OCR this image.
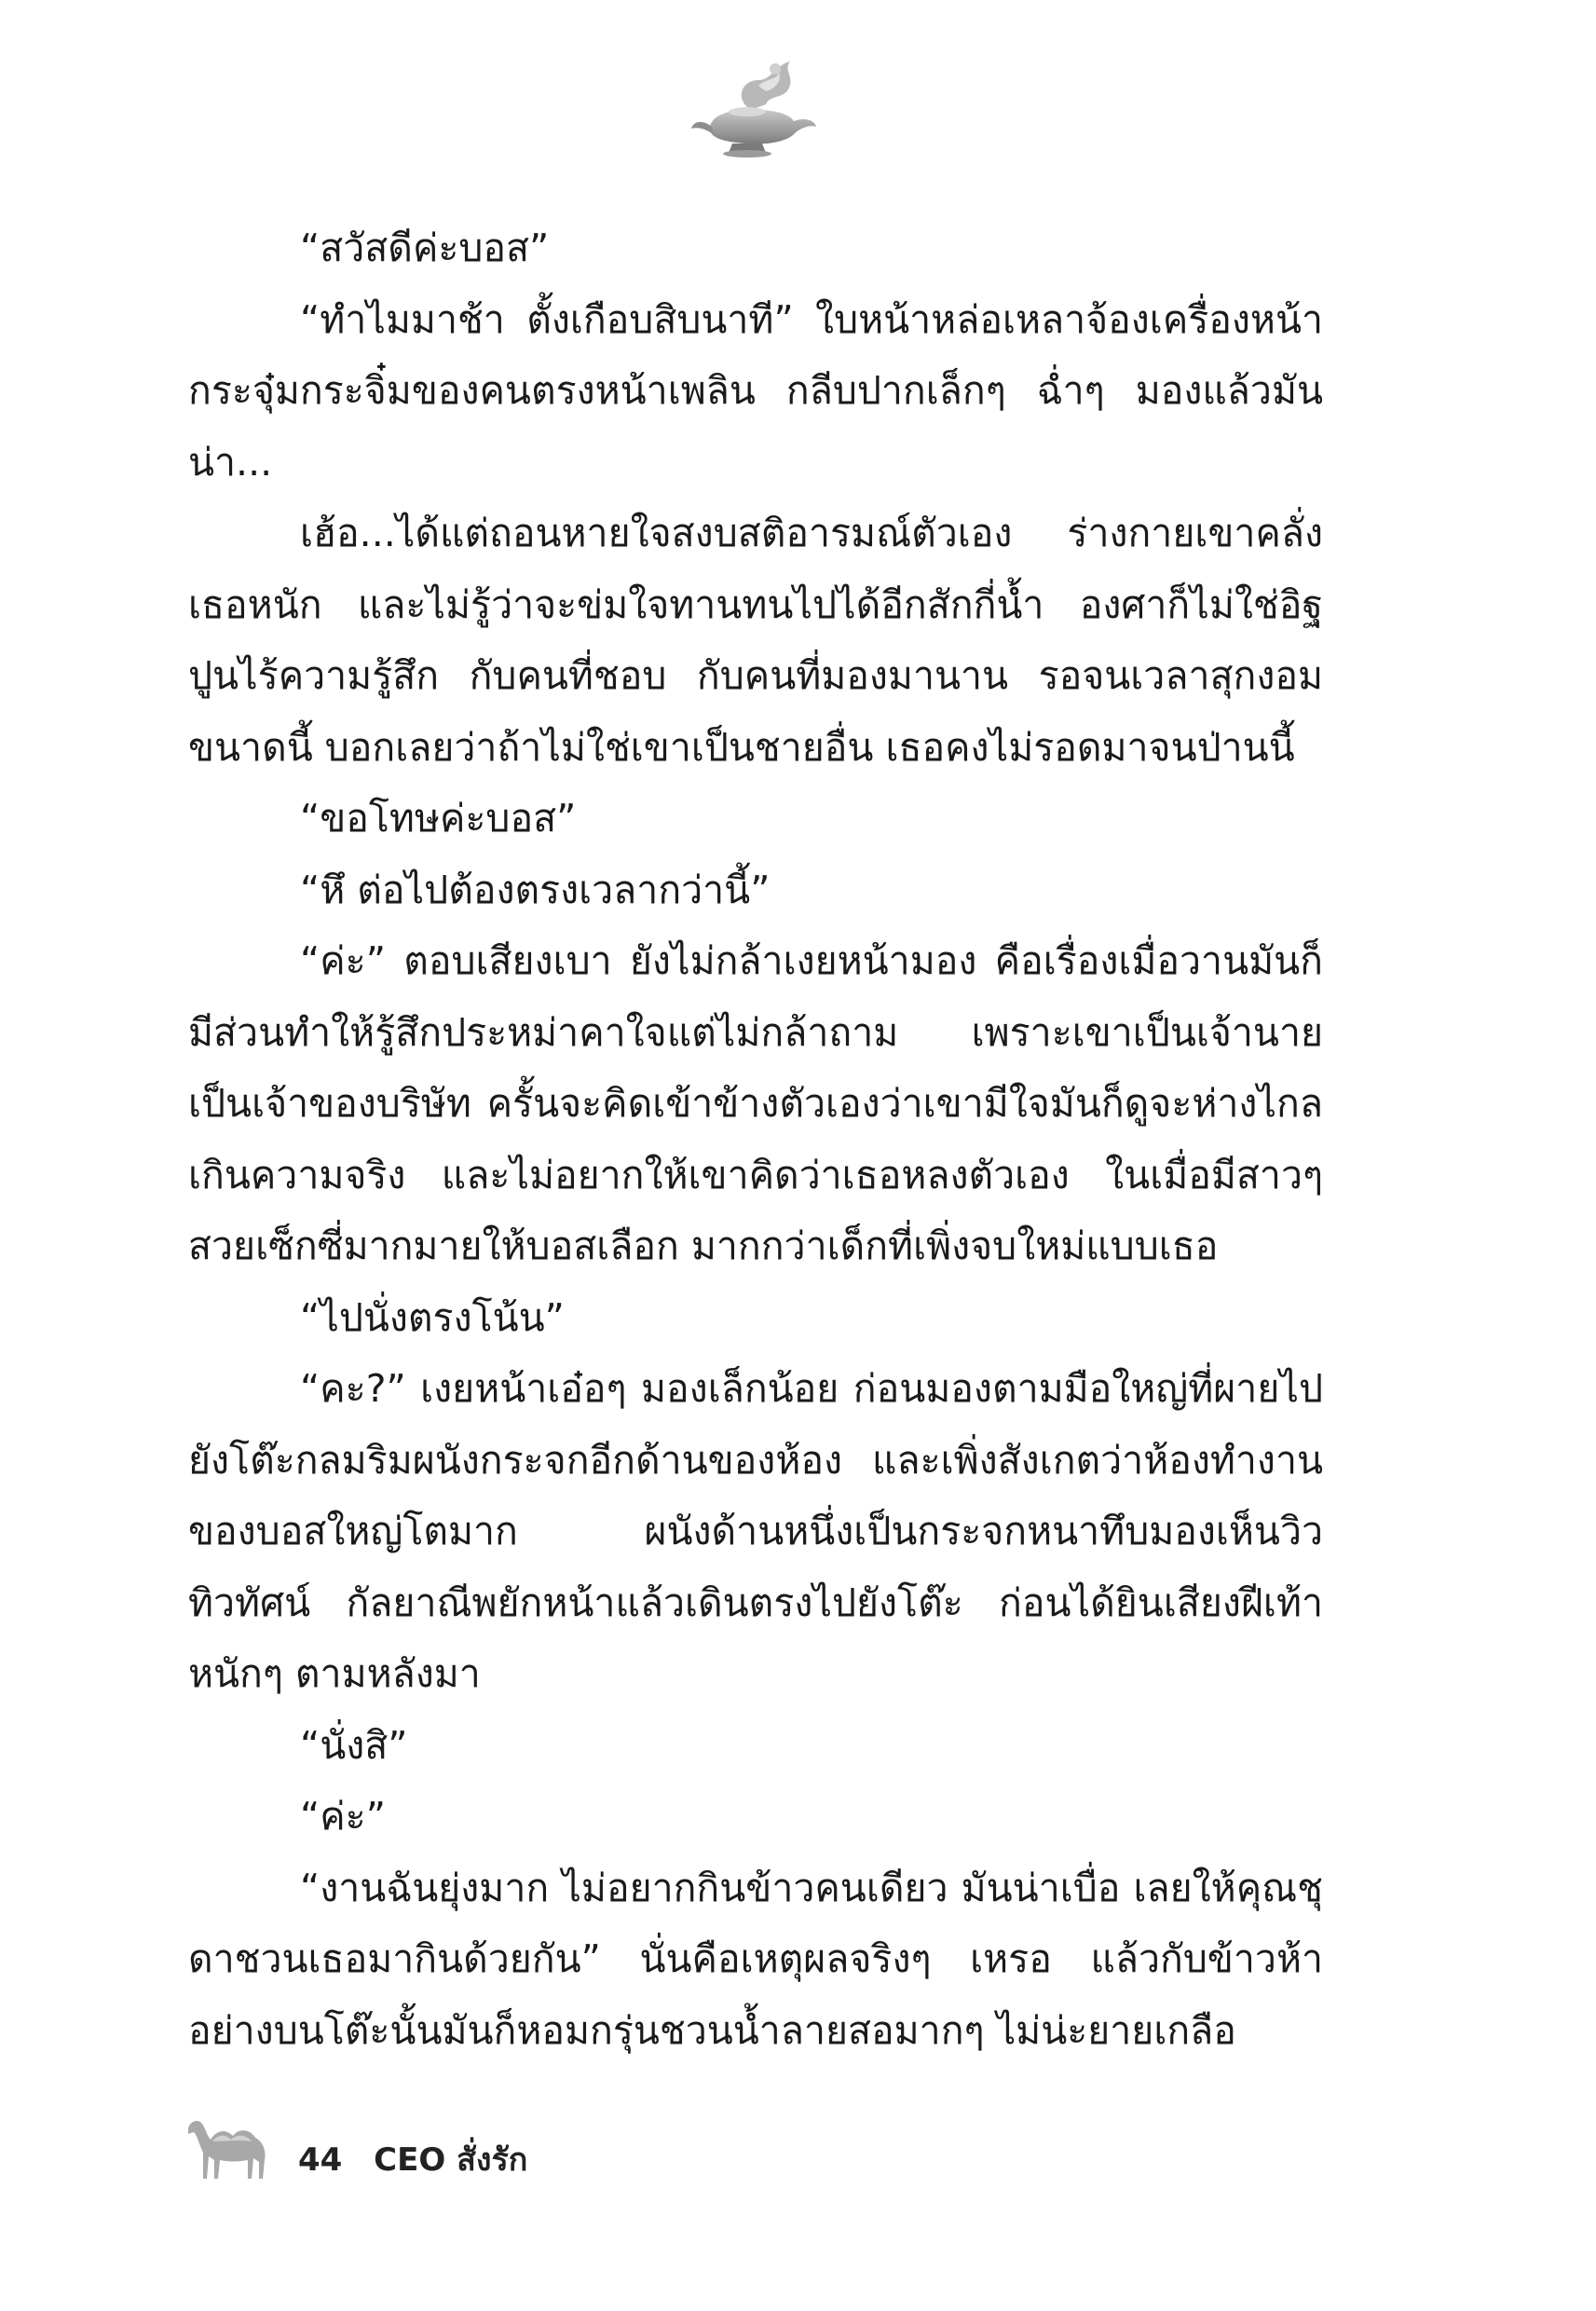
“สวัสดีค่ะบอส”

“ทำไมมาช้า ตั้งเกือบสิบนาที” ใบหน้าหล่อเหลาจ้องเครื่องหน้ากระจุ๋มกระจิ๋มของคนตรงหน้าเพลิน กลีบปากเล็กๆ ฉ่ำๆ มองแล้วมันน่า...

เฮ้อ...ได้แต่ถอนหายใจสงบสติอารมณ์ตัวเอง ร่างกายเขาคลั่งเธอหนัก และไม่รู้ว่าจะข่มใจทานทนไปได้อีกสักกี่น้ำ องศาก็ไม่ใช่อิฐปูนไร้ความรู้สึก กับคนที่ชอบ กับคนที่มองมานาน รอจนเวลาสุกงอมขนาดนี้ บอกเลยว่าถ้าไม่ใช่เขาเป็นชายอื่น เธอคงไม่รอดมาจนป่านนี้

“ขอโทษค่ะบอส”

“หึ ต่อไปต้องตรงเวลากว่านี้”

“ค่ะ” ตอบเสียงเบา ยังไม่กล้าเงยหน้ามอง คือเรื่องเมื่อวานมันก็มีส่วนทำให้รู้สึกประหม่าคาใจแต่ไม่กล้าถาม เพราะเขาเป็นเจ้านายเป็นเจ้าของบริษัท ครั้นจะคิดเข้าข้างตัวเองว่าเขามีใจมันก็ดูจะห่างไกลเกินความจริง และไม่อยากให้เขาคิดว่าเธอหลงตัวเอง ในเมื่อมีสาวๆ สวยเซ็กซี่มากมายให้บอสเลือก มากกว่าเด็กที่เพิ่งจบใหม่แบบเธอ

“ไปนั่งตรงโน้น”

“คะ?” เงยหน้าเอ๋อๆ มองเล็กน้อย ก่อนมองตามมือใหญ่ที่ผายไปยังโต๊ะกลมริมผนังกระจกอีกด้านของห้อง และเพิ่งสังเกตว่าห้องทำงานของบอสใหญ่โตมาก ผนังด้านหนึ่งเป็นกระจกหนาทึบมองเห็นวิวทิวทัศน์ กัลยาณีพยักหน้าแล้วเดินตรงไปยังโต๊ะ ก่อนได้ยินเสียงฝีเท้าหนักๆ ตามหลังมา

“นั่งสิ”

“ค่ะ”

“งานฉันยุ่งมาก ไม่อยากกินข้าวคนเดียว มันน่าเบื่อ เลยให้คุณชุดาชวนเธอมากินด้วยกัน” นั่นคือเหตุผลจริงๆ เหรอ แล้วกับข้าวห้าอย่างบนโต๊ะนั้นมันก็หอมกรุ่นชวนน้ำลายสอมากๆ ไม่น่ะยายเกลือ

44 CEO สั่งรัก
